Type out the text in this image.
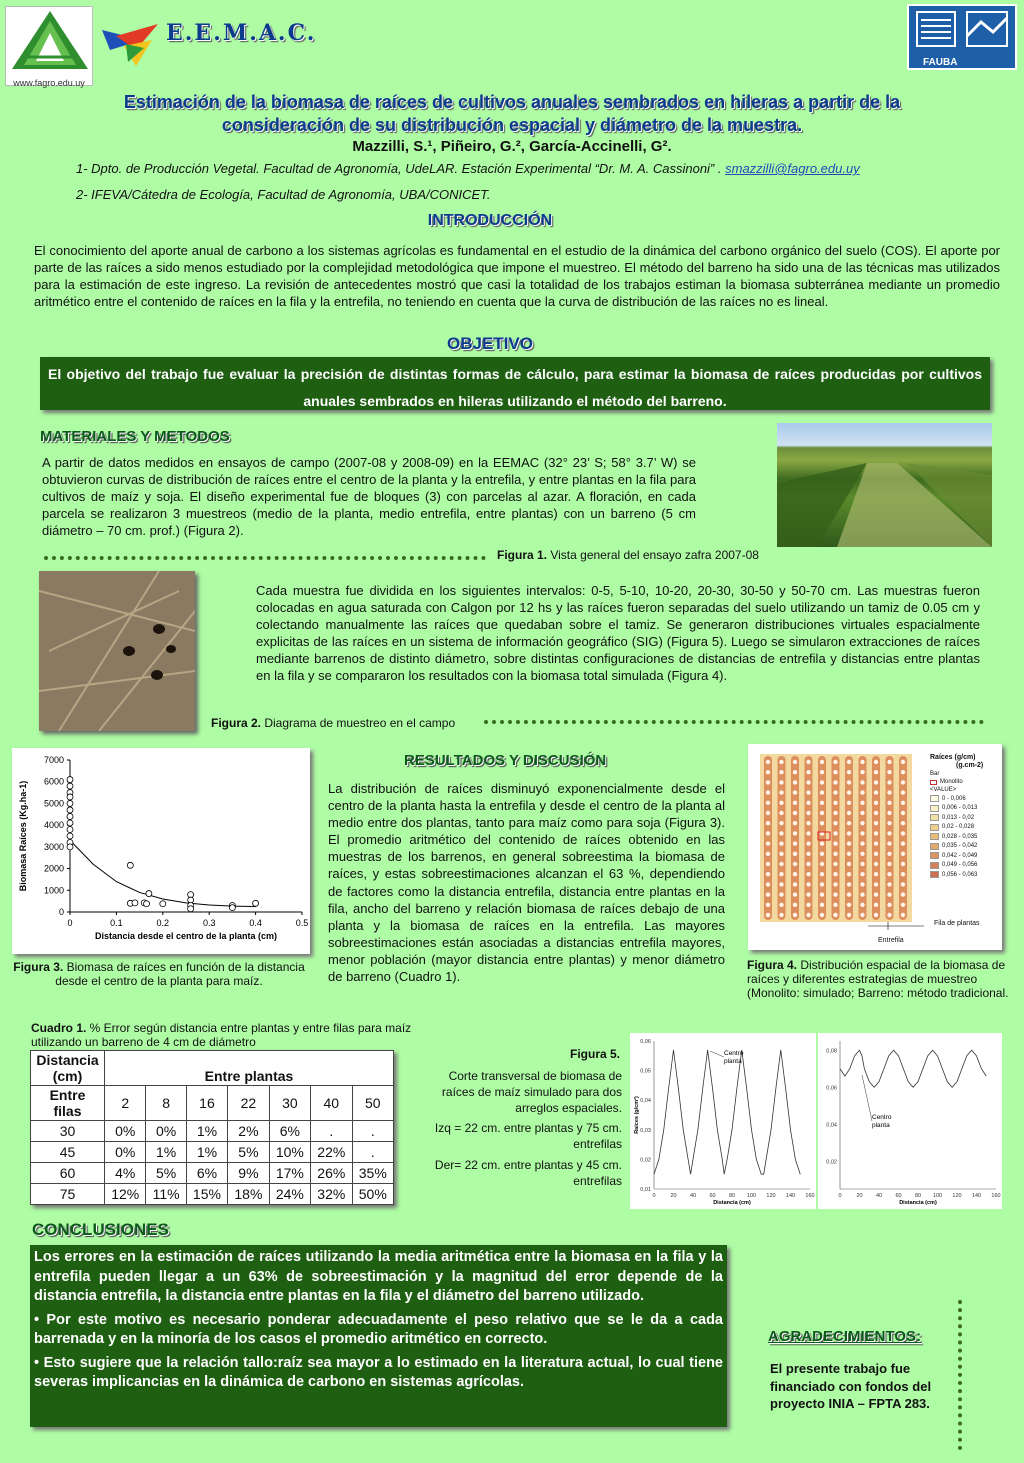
www.fagro.edu.uy
E.E.M.A.C.
FAUBA
Estimación de la biomasa de raíces de cultivos anuales sembrados en hileras a partir de la
consideración de su distribución espacial y diámetro de la muestra.
Mazzilli, S.¹, Piñeiro, G.², García-Accinelli, G².
1- Dpto. de Producción Vegetal. Facultad de Agronomía, UdeLAR. Estación Experimental “Dr. M. A. Cassinoni” . smazzilli@fagro.edu.uy
2- IFEVA/Cátedra de Ecología, Facultad de Agronomía, UBA/CONICET.
INTRODUCCIÓN
El conocimiento del aporte anual de carbono a los sistemas agrícolas es fundamental en el estudio de la dinámica del carbono orgánico del suelo (COS). El aporte por parte de las raíces a sido menos estudiado por la complejidad metodológica que impone el muestreo. El método del barreno ha sido una de las técnicas mas utilizados para la estimación de este ingreso. La revisión de antecedentes mostró que casi la totalidad de los trabajos estiman la biomasa subterránea mediante un promedio aritmético entre el contenido de raíces en la fila y la entrefila, no teniendo en cuenta que la curva de distribución de las raíces no es lineal.
OBJETIVO
El objetivo del trabajo fue evaluar la precisión de distintas formas de cálculo, para estimar la biomasa de raíces producidas por cultivos anuales sembrados en hileras utilizando el método del barreno.
MATERIALES Y METODOS
A partir de datos medidos en ensayos de campo (2007-08 y 2008-09) en la EEMAC (32° 23’ S; 58° 3.7’ W) se obtuvieron curvas de distribución de raíces entre el centro de la planta y la entrefila, y entre plantas en la fila para cultivos de maíz y soja. El diseño experimental fue de bloques (3) con parcelas al azar. A floración, en cada parcela se realizaron 3 muestreos (medio de la planta, medio entrefila, entre plantas) con un barreno (5 cm diámetro – 70 cm. prof.) (Figura 2).
Figura 1. Vista general del ensayo zafra 2007-08
Cada muestra fue dividida en los siguientes intervalos: 0-5, 5-10, 10-20, 20-30, 30-50 y 50-70 cm. Las muestras fueron colocadas en agua saturada con Calgon por 12 hs y las raíces fueron separadas del suelo utilizando un tamiz de 0.05 cm y colectando manualmente las raíces que quedaban sobre el tamiz. Se generaron distribuciones virtuales espacialmente explicitas de las raíces en un sistema de información geográfico (SIG) (Figura 5). Luego se simularon extracciones de raíces mediante barrenos de distinto diámetro, sobre distintas configuraciones de distancias de entrefila y distancias entre plantas en la fila y se compararon los resultados con la biomasa total simulada (Figura 4).
Figura 2. Diagrama de muestreo en el campo
0
1000
2000
3000
4000
5000
6000
7000
0	0.1	0.2	0.3	0.4	0.5
Distancia desde el centro de la planta (cm)
Biomasa Raíces (Kg.ha-1)
Figura 3. Biomasa de raíces en función de la distancia desde el centro de la planta para maíz.
RESULTADOS Y DISCUSIÓN
La distribución de raíces disminuyó exponencialmente desde el centro de la planta hasta la entrefila y desde el centro de la planta al medio entre dos plantas, tanto para maíz como para soja (Figura 3). El promedio aritmético del contenido de raíces obtenido en las muestras de los barrenos, en general sobreestima la biomasa de raíces, y estas sobreestimaciones alcanzan el 63 %, dependiendo de factores como la distancia entrefila, distancia entre plantas en la fila, ancho del barreno y relación biomasa de raíces debajo de una planta y la biomasa de raíces en la entrefila. Las mayores sobreestimaciones están asociadas a distancias entrefila mayores, menor población (mayor distancia entre plantas) y menor diámetro de barreno (Cuadro 1).
Raíces (g/cm)
(g.cm-2)
Bar
Monolito
<VALUE>
0 - 0,006
0,006 - 0,013
0,013 - 0,02
0,02 - 0,028
0,028 - 0,035
0,035 - 0,042
0,042 - 0,049
0,049 - 0,056
0,056 - 0,063
Fila de plantas
Entrefila
Figura 4. Distribución espacial de la biomasa de raíces y diferentes estrategias de muestreo (Monolito: simulado; Barreno: método tradicional.
Cuadro 1. % Error según distancia entre plantas y entre filas para maíz utilizando un barreno de 4 cm de diámetro
Distancia (cm)	Entre plantas						
Entre filas	2	8	16	22	30	40	50
30	0%	0%	1%	2%	6%	.	.
45	0%	1%	1%	5%	10%	22%	.
60	4%	5%	6%	9%	17%	26%	35%
75	12%	11%	15%	18%	24%	32%	50%
Figura 5.
Corte transversal de biomasa de raíces de maíz simulado para dos arreglos espaciales.
Izq = 22 cm. entre plantas y 75 cm. entrefilas
Der= 22 cm. entre plantas y 45 cm. entrefilas
0,01
0,02
0,03
0,04
0,05
0,06
0	20 40 60 80 100 120 140 160
Distancia (cm)
Raíces (g/cm²)
Centro planta
0,02
0,04
0,06
0,08
0	20 40 60 80 100 120 140 160
Distancia (cm)
Centro planta
CONCLUSIONES
Los errores en la estimación de raíces utilizando la media aritmética entre la biomasa en la fila y la entrefila pueden llegar a un 63% de sobreestimación y la magnitud del error depende de la distancia entrefila, la distancia entre plantas en la fila y el diámetro del barreno utilizado.
• Por este motivo es necesario ponderar adecuadamente el peso relativo que se le da a cada barrenada y en la minoría de los casos el promedio aritmético en correcto.
• Esto sugiere que la relación tallo:raíz sea mayor a lo estimado en la literatura actual, lo cual tiene severas implicancias en la dinámica de carbono en sistemas agrícolas.
AGRADECIMIENTOS:
El presente trabajo fue financiado con fondos del proyecto INIA – FPTA 283.
